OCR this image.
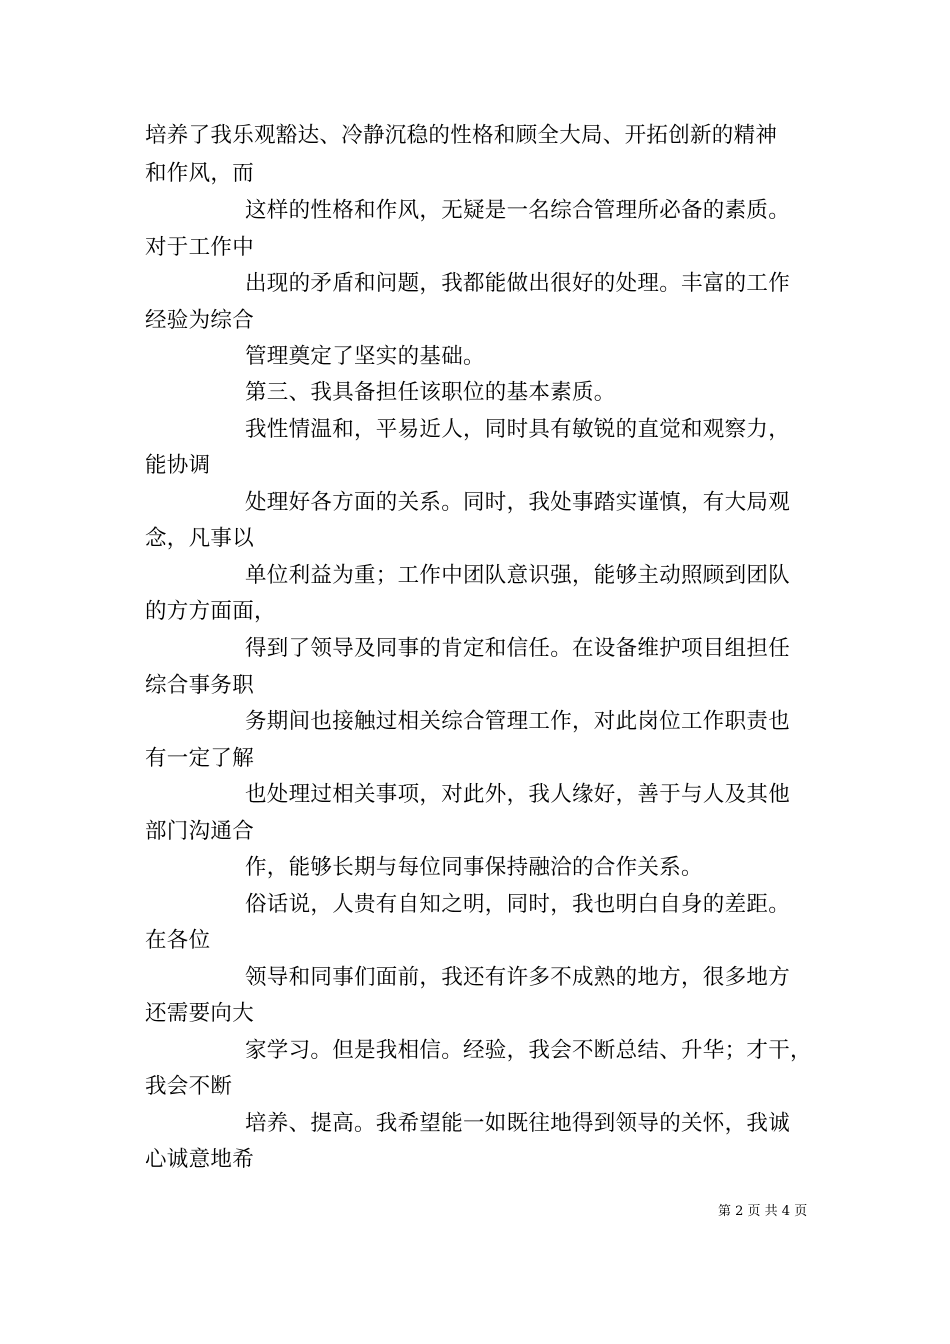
培养了我乐观豁达、冷静沉稳的性格和顾全大局、开拓创新的精神
和作风，而
这样的性格和作风，无疑是一名综合管理所必备的素质。
对于工作中
出现的矛盾和问题，我都能做出很好的处理。丰富的工作
经验为综合
管理奠定了坚实的基础。
第三、我具备担任该职位的基本素质。
我性情温和，平易近人，同时具有敏锐的直觉和观察力，
能协调
处理好各方面的关系。同时，我处事踏实谨慎，有大局观
念，凡事以
单位利益为重；工作中团队意识强，能够主动照顾到团队
的方方面面，
得到了领导及同事的肯定和信任。在设备维护项目组担任
综合事务职
务期间也接触过相关综合管理工作，对此岗位工作职责也
有一定了解
也处理过相关事项，对此外，我人缘好，善于与人及其他
部门沟通合
作，能够长期与每位同事保持融洽的合作关系。
俗话说，人贵有自知之明，同时，我也明白自身的差距。
在各位
领导和同事们面前，我还有许多不成熟的地方，很多地方
还需要向大
家学习。但是我相信。经验，我会不断总结、升华；才干，
我会不断
培养、提高。我希望能一如既往地得到领导的关怀，我诚
心诚意地希
第 2 页 共 4 页
